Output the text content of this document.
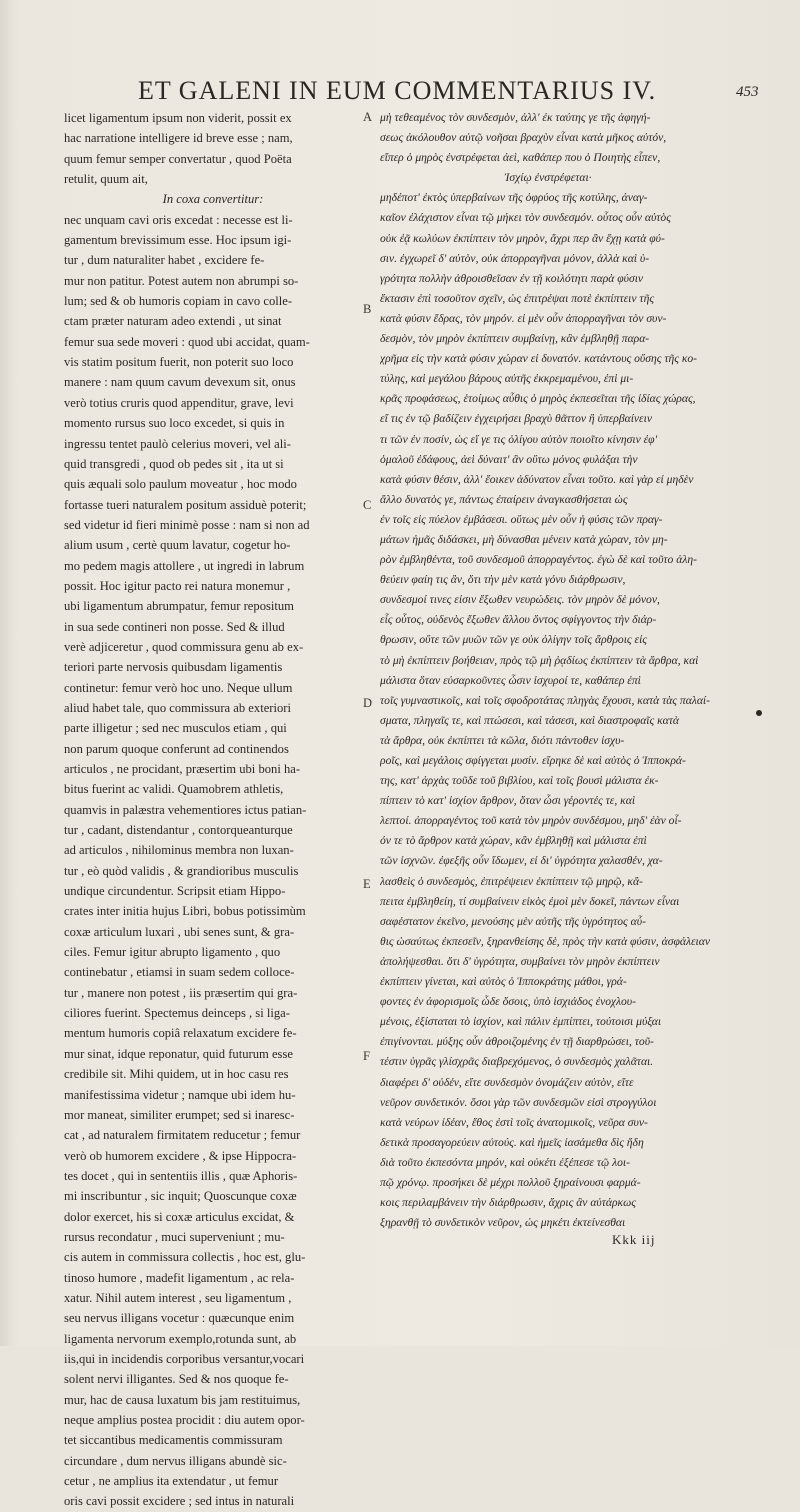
ET GALENI IN EUM COMMENTARIUS IV.	453
licet ligamentum ipsum non viderit, possit ex
hac narratione intelligere id breve esse ; nam,
quum femur semper convertatur , quod Poëta
retulit, quum ait,
In coxa convertitur:
nec unquam cavi oris excedat : necesse est li-
gamentum brevissimum esse. Hoc ipsum igi-
tur , dum naturaliter habet , excidere fe-
mur non patitur. Potest autem non abrumpi so-
lum; sed & ob humoris copiam in cavo colle-
ctam præter naturam adeo extendi , ut sinat
femur sua sede moveri : quod ubi accidat, quam-
vis statim positum fuerit, non poterit suo loco
manere : nam quum cavum devexum sit, onus
verò totius cruris quod appenditur, grave, levi
momento rursus suo loco excedet, si quis in
ingressu tentet paulò celerius moveri, vel ali-
quid transgredi , quod ob pedes sit , ita ut si
quis æquali solo paulum moveatur , hoc modo
fortasse tueri naturalem positum assiduè poterit;
sed videtur id fieri minimè posse : nam si non ad
alium usum , certè quum lavatur, cogetur ho-
mo pedem magis attollere , ut ingredi in labrum
possit. Hoc igitur pacto rei natura monemur ,
ubi ligamentum abrumpatur, femur repositum
in sua sede contineri non posse. Sed & illud
verè adjiceretur , quod commissura genu ab ex-
teriori parte nervosis quibusdam ligamentis
continetur: femur verò hoc uno. Neque ullum
aliud habet tale, quo commissura ab exteriori
parte illigetur ; sed nec musculos etiam , qui
non parum quoque conferunt ad continendos
articulos , ne procidant, præsertim ubi boni ha-
bitus fuerint ac validi. Quamobrem athletis,
quamvis in palæstra vehementiores ictus patian-
tur , cadant, distendantur , contorqueanturque
ad articulos , nihilominus membra non luxan-
tur , eò quòd validis , & grandioribus musculis
undique circundentur. Scripsit etiam Hippo-
crates inter initia hujus Libri, bobus potissimùm
coxæ articulum luxari , ubi senes sunt, & gra-
ciles. Femur igitur abrupto ligamento , quo
continebatur , etiamsi in suam sedem colloce-
tur , manere non potest , iis præsertim qui gra-
ciliores fuerint. Spectemus deinceps , si liga-
mentum humoris copiâ relaxatum excidere fe-
mur sinat, idque reponatur, quid futurum esse
credibile sit. Mihi quidem, ut in hoc casu res
manifestissima videtur ; namque ubi idem hu-
mor maneat, similiter erumpet; sed si inaresc-
cat , ad naturalem firmitatem reducetur ; femur
verò ob humorem excidere , & ipse Hippocra-
tes docet , qui in sententiis illis , quæ Aphoris-
mi inscribuntur , sic inquit; Quoscunque coxæ
dolor exercet, his si coxæ articulus excidat, &
rursus recondatur , muci superveniunt ; mu-
cis autem in commissura collectis , hoc est, glu-
tinoso humore , madefit ligamentum , ac rela-
xatur. Nihil autem interest , seu ligamentum ,
seu nervus illigans vocetur : quæcunque enim
ligamenta nervorum exemplo,rotunda sunt, ab
iis,qui in incidendis corporibus versantur,vocari
solent nervi illigantes. Sed & nos quoque fe-
mur, hac de causa luxatum bis jam restituimus,
neque amplius postea procidit : diu autem opor-
tet siccantibus medicamentis commissuram
circundare , dum nervus illigans abundè sic-
cetur , ne amplius ita extendatur , ut femur
oris cavi possit excidere ; sed intus in naturali
A
B
C
D
E
F
μὴ τεθεαμένος τὸν συνδεσμὸν, ἀλλ' ἐκ ταύτης γε τῆς ἀφηγή-
σεως ἀκόλουθον αὐτῷ νοῆσαι βραχὺν εἶναι κατὰ μῆκος αὐτόν,
εἴπερ ὁ μηρὸς ἐνστρέφεται ἀεὶ, καθάπερ που ὁ Ποιητὴς εἶπεν,
Ἰσχίῳ ἐνστρέφεται·
μηδέποτ' ἐκτὸς ὑπερβαίνων τῆς ὀφρύος τῆς κοτύλης, ἀναγ-
καῖον ἐλάχιστον εἶναι τῷ μήκει τὸν συνδεσμόν. οὗτος οὖν αὐτὸς
οὐκ ἐᾷ κωλύων ἐκπίπτειν τὸν μηρὸν, ἄχρι περ ἂν ἔχῃ κατὰ φύ-
σιν. ἐγχωρεῖ δ' αὐτὸν, οὐκ ἀπορραγῆναι μόνον, ἀλλὰ καὶ ὑ-
γρότητα πολλὴν ἀθροισθεῖσαν ἐν τῇ κοιλότητι παρὰ φύσιν
ἔκτασιν ἐπὶ τοσοῦτον σχεῖν, ὡς ἐπιτρέψαι ποτὲ ἐκπίπτειν τῆς
κατὰ φύσιν ἕδρας, τὸν μηρόν. εἰ μὲν οὖν ἀπορραγῆναι τὸν συν-
δεσμὸν, τὸν μηρὸν ἐκπίπτειν συμβαίνῃ, κἂν ἐμβληθῇ παρα-
χρῆμα εἰς τὴν κατὰ φύσιν χώραν εἰ δυνατόν. κατάντους οὔσης τῆς κο-
τύλης, καὶ μεγάλου βάρους αὐτῆς ἐκκρεμαμένου, ἐπὶ μι-
κρᾶς προφάσεως, ἑτοίμως αὖθις ὁ μηρὸς ἐκπεσεῖται τῆς ἰδίας χώρας,
εἴ τις ἐν τῷ βαδίζειν ἐγχειρήσει βραχὺ θᾶττον ἢ ὑπερβαίνειν
τι τῶν ἐν ποσίν, ὡς εἴ γε τις ὀλίγου αὐτὸν ποιοῖτο κίνησιν ἐφ'
ὁμαλοῦ ἐδάφους, ἀεὶ δύναιτ' ἂν οὕτω μόνος φυλάξαι τὴν
κατὰ φύσιν θέσιν, ἀλλ' ἔοικεν ἀδύνατον εἶναι τοῦτο. καὶ γὰρ εἰ μηδὲν
ἄλλο δυνατὸς γε, πάντως ἐπαίρειν ἀναγκασθήσεται ὡς
ἐν τοῖς εἰς πύελον ἐμβάσεσι. οὕτως μὲν οὖν ἡ φύσις τῶν πραγ-
μάτων ἡμᾶς διδάσκει, μὴ δύνασθαι μένειν κατὰ χώραν, τὸν μη-
ρὸν ἐμβληθέντα, τοῦ συνδεσμοῦ ἀπορραγέντος. ἐγὼ δὲ καὶ τοῦτο ἀλη-
θεύειν φαίη τις ἂν, ὅτι τὴν μὲν κατὰ γόνυ διάρθρωσιν,
συνδεσμοί τινες εἰσιν ἔξωθεν νευρώδεις. τὸν μηρὸν δὲ μόνον,
εἷς οὗτος, οὐδενὸς ἔξωθεν ἄλλου ὄντος σφίγγοντος τὴν διάρ-
θρωσιν, οὔτε τῶν μυῶν τῶν γε οὐκ ὀλίγην τοῖς ἄρθροις εἰς
τὸ μὴ ἐκπίπτειν βοήθειαν, πρὸς τῷ μὴ ῥᾳδίως ἐκπίπτειν τὰ ἄρθρα, καὶ
μάλιστα ὅταν εὐσαρκοῦντες ὦσιν ἰσχυροί τε, καθάπερ ἐπὶ
τοῖς γυμναστικοῖς, καὶ τοῖς σφοδροτάτας πληγὰς ἔχουσι, κατὰ τὰς παλαί-
σματα, πληγαῖς τε, καὶ πτώσεσι, καὶ τάσεσι, καὶ διαστροφαῖς κατὰ
τὰ ἄρθρα, οὐκ ἐκπίπτει τὰ κῶλα, διότι πάντοθεν ἰσχυ-
ροῖς, καὶ μεγάλοις σφίγγεται μυσίν. εἴρηκε δὲ καὶ αὐτὸς ὁ Ἱπποκρά-
της, κατ' ἀρχὰς τοῦδε τοῦ βιβλίου, καὶ τοῖς βουσὶ μάλιστα ἐκ-
πίπτειν τὸ κατ' ἰσχίον ἄρθρον, ὅταν ὦσι γέροντές τε, καὶ
λεπτοί. ἀπορραγέντος τοῦ κατὰ τὸν μηρὸν συνδέσμου, μηδ' ἐὰν οἷ-
όν τε τὸ ἄρθρον κατὰ χώραν, κἂν ἐμβληθῇ καὶ μάλιστα ἐπὶ
τῶν ἰσχνῶν. ἐφεξῆς οὖν ἴδωμεν, εἰ δι' ὑγρότητα χαλασθέν, χα-
λασθεὶς ὁ συνδεσμὸς, ἐπιτρέψειεν ἐκπίπτειν τῷ μηρῷ, κἄ-
πειτα ἐμβληθείη, τί συμβαίνειν εἰκὸς ἐμοὶ μὲν δοκεῖ, πάντων εἶναι
σαφέστατον ἐκεῖνο, μενούσης μὲν αὐτῆς τῆς ὑγρότητος αὖ-
θις ὡσαύτως ἐκπεσεῖν, ξηρανθείσης δὲ, πρὸς τὴν κατὰ φύσιν, ἀσφάλειαν
ἀπολήψεσθαι. ὅτι δ' ὑγρότητα, συμβαίνει τὸν μηρὸν ἐκπίπτειν
ἐκπίπτειν γίνεται, καὶ αὐτὸς ὁ Ἱπποκράτης μάθοι, γρά-
φοντες ἐν ἀφορισμοῖς ὧδε ὅσοις, ὑπὸ ἰσχιάδος ἐνοχλου-
μένοις, ἐξίσταται τὸ ἰσχίον, καὶ πάλιν ἐμπίπτει, τούτοισι μύξαι
ἐπιγίνονται. μύξης οὖν ἀθροιζομένης ἐν τῇ διαρθρώσει, τοῦ-
τέστιν ὑγρᾶς γλίσχρᾶς διαβρεχόμενος, ὁ συνδεσμὸς χαλᾶται.
διαφέρει δ' οὐδέν, εἴτε συνδεσμὸν ὀνομάζειν αὐτὸν, εἴτε
νεῦρον συνδετικόν. ὅσοι γὰρ τῶν συνδεσμῶν εἰσὶ στρογγύλοι
κατὰ νεύρων ἰδέαν, ἔθος ἐστὶ τοῖς ἀνατομικοῖς, νεῦρα συν-
δετικὰ προσαγορεύειν αὐτούς. καὶ ἡμεῖς ἰασάμεθα δὶς ἤδη
διὰ τοῦτο ἐκπεσόντα μηρόν, καὶ οὐκέτι ἐξέπεσε τῷ λοι-
πῷ χρόνῳ. προσήκει δὲ μέχρι πολλοῦ ξηραίνουσι φαρμά-
κοις περιλαμβάνειν τὴν διάρθρωσιν, ἄχρις ἂν αὐτάρκως
ξηρανθῇ τὸ συνδετικὸν νεῦρον, ὡς μηκέτι ἐκτείνεσθαι
Kkk iij
